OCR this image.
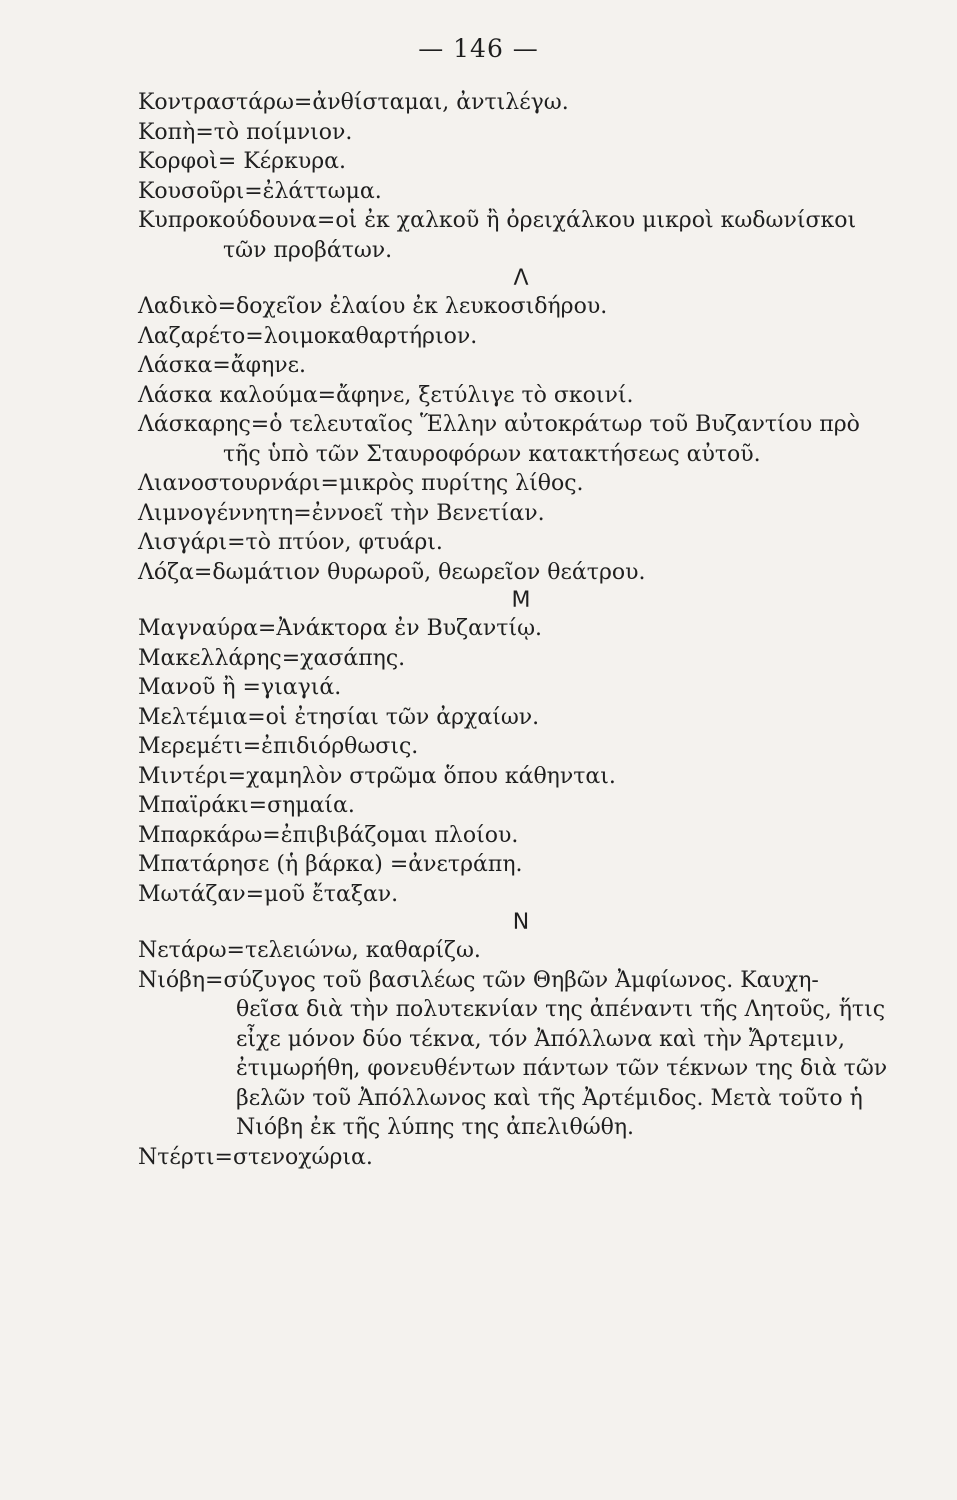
— 146 —
Κοντραστάρω=ἀνθίσταμαι, ἀντιλέγω.
Κοπὴ=τὸ ποίμνιον.
Κορφοὶ= Κέρκυρα.
Κουσοῦρι=ἐλάττωμα.
Κυπροκούδουνα=οἱ ἐκ χαλκοῦ ἢ ὀρειχάλκου μικροὶ κωδωνίσκοι

τῶν προβάτων.
Λ
Λαδικὸ=δοχεῖον ἐλαίου ἐκ λευκοσιδήρου.
Λαζαρέτο=λοιμοκαθαρτήριον.
Λάσκα=ἄφηνε.
Λάσκα καλούμα=ἄφηνε, ξετύλιγε τὸ σκοινί.
Λάσκαρης=ὁ τελευταῖος Ἕλλην αὐτοκράτωρ τοῦ Βυζαντίου πρὸ

τῆς ὑπὸ τῶν Σταυροφόρων κατακτήσεως αὐτοῦ.
Λιανοστουρνάρι=μικρὸς πυρίτης λίθος.
Λιμνογέννητη=ἐννοεῖ τὴν Βενετίαν.
Λισγάρι=τὸ πτύον, φτυάρι.
Λόζα=δωμάτιον θυρωροῦ, θεωρεῖον θεάτρου.
Μ
Μαγναύρα=Ἀνάκτορα ἐν Βυζαντίῳ.
Μακελλάρης=χασάπης.
Μανοῦ ἢ =γιαγιά.
Μελτέμια=οἱ ἐτησίαι τῶν ἀρχαίων.
Μερεμέτι=ἐπιδιόρθωσις.
Μιντέρι=χαμηλὸν στρῶμα ὅπου κάθηνται.
Μπαϊράκι=σημαία.
Μπαρκάρω=ἐπιβιβάζομαι πλοίου.
Μπατάρησε (ἡ βάρκα) =ἀνετράπη.
Μωτάζαν=μοῦ ἔταξαν.
Ν
Νετάρω=τελειώνω, καθαρίζω.
Νιόβη=σύζυγος τοῦ βασιλέως τῶν Θηβῶν Ἀμφίωνος. Καυχη-

θεῖσα διὰ τὴν πολυτεκνίαν της ἀπέναντι τῆς Λητοῦς, ἥτις
εἶχε μόνον δύο τέκνα, τόν Ἀπόλλωνα καὶ τὴν Ἄρτεμιν,
ἐτιμωρήθη, φονευθέντων πάντων τῶν τέκνων της διὰ τῶν
βελῶν τοῦ Ἀπόλλωνος καὶ τῆς Ἀρτέμιδος. Μετὰ τοῦτο ἡ
Νιόβη ἐκ τῆς λύπης της ἀπελιθώθη.
Ντέρτι=στενοχώρια.
